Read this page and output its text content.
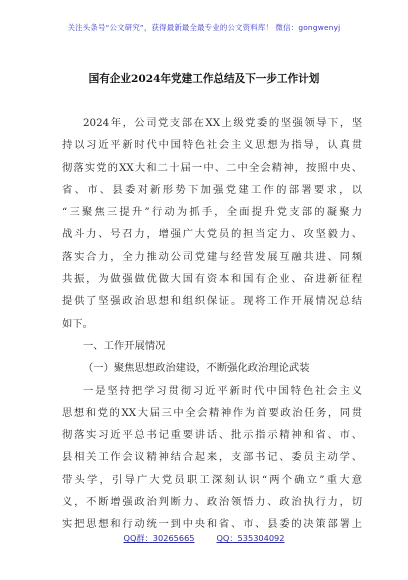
关注头条号“公文研究”，获得最新最全最专业的公文资料库！ 微信：gongwenyj
国有企业2024年党建工作总结及下一步工作计划
2024年，公司党支部在XX上级党委的坚强领导下，坚
持以习近平新时代中国特色社会主义思想为指导，认真贯
彻落实党的XX大和二十届一中、二中全会精神，按照中央、
省、市、县委对新形势下加强党建工作的部署要求，以
“三聚焦三提升”行动为抓手，全面提升党支部的凝聚力
战斗力、号召力，增强广大党员的担当定力、攻坚毅力、
落实合力，全力推动公司党建与经营发展互融共进、同频
共振，为做强做优做大国有资本和国有企业、奋进新征程
提供了坚强政治思想和组织保证。现将工作开展情况总结
如下。
一、工作开展情况
（一）聚焦思想政治建设，不断强化政治理论武装
一是坚持把学习贯彻习近平新时代中国特色社会主义
思想和党的XX大届三中全会精神作为首要政治任务，同贯
彻落实习近平总书记重要讲话、批示指示精神和省、市、
县相关工作会议精神结合起来，支部书记、委员主动学、
带头学，引导广大党员职工深刻认识“两个确立”重大意
义，不断增强政治判断力、政治领悟力、政治执行力，切
实把思想和行动统一到中央和省、市、县委的决策部署上
QQ群：30265665	QQ：535304092
